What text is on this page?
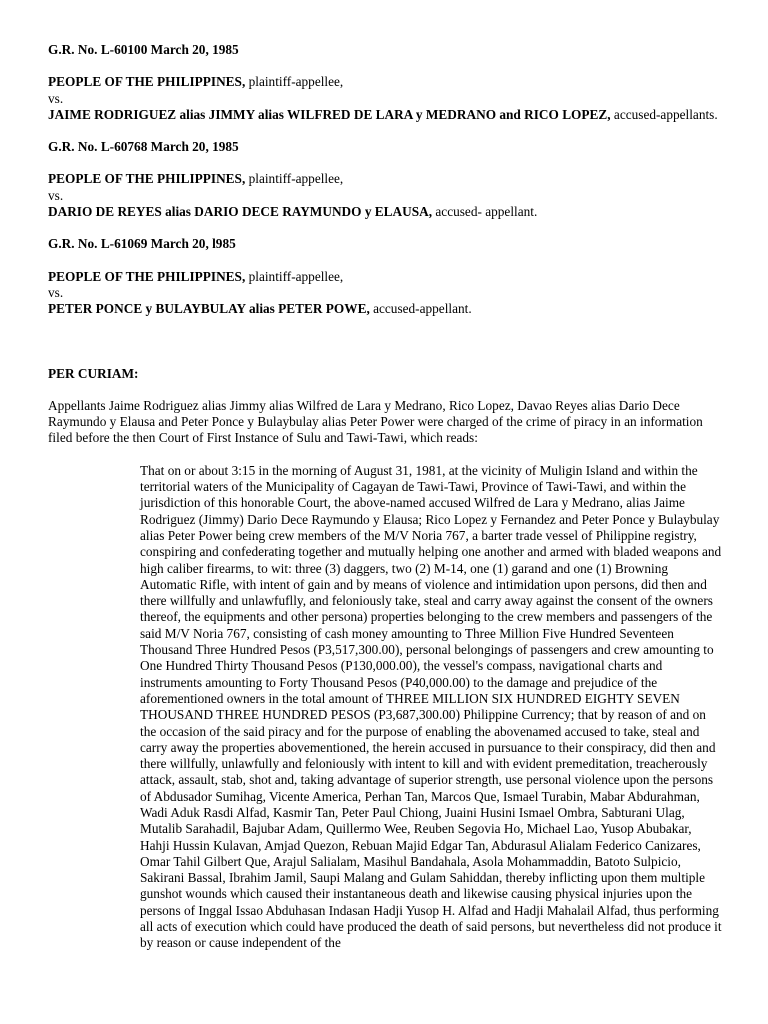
G.R. No. L-60100 March 20, 1985

PEOPLE OF THE PHILIPPINES, plaintiff-appellee,

vs.

JAIME RODRIGUEZ alias JIMMY alias WILFRED DE LARA y MEDRANO and RICO LOPEZ, accused-appellants.

G.R. No. L-60768 March 20, 1985

PEOPLE OF THE PHILIPPINES, plaintiff-appellee,

vs.

DARIO DE REYES alias DARIO DECE RAYMUNDO y ELAUSA, accused- appellant.

G.R. No. L-61069 March 20, l985

PEOPLE OF THE PHILIPPINES, plaintiff-appellee,

vs.

PETER PONCE y BULAYBULAY alias PETER POWE, accused-appellant.

PER CURIAM:

Appellants Jaime Rodriguez alias Jimmy alias Wilfred de Lara y Medrano, Rico Lopez, Davao Reyes alias Dario Dece Raymundo y Elausa and Peter Ponce y Bulaybulay alias Peter Power were charged of the crime of piracy in an information filed before the then Court of First Instance of Sulu and Tawi-Tawi, which reads:

That on or about 3:15 in the morning of August 31, 1981, at the vicinity of Muligin Island and within the territorial waters of the Municipality of Cagayan de Tawi-Tawi, Province of Tawi-Tawi, and within the jurisdiction of this honorable Court, the above-named accused Wilfred de Lara y Medrano, alias Jaime Rodriguez (Jimmy) Dario Dece Raymundo y Elausa; Rico Lopez y Fernandez and Peter Ponce y Bulaybulay alias Peter Power being crew members of the M/V Noria 767, a barter trade vessel of Philippine registry, conspiring and confederating together and mutually helping one another and armed with bladed weapons and high caliber firearms, to wit: three (3) daggers, two (2) M-14, one (1) garand and one (1) Browning Automatic Rifle, with intent of gain and by means of violence and intimidation upon persons, did then and there willfully and unlawfuflly, and feloniously take, steal and carry away against the consent of the owners thereof, the equipments and other persona) properties belonging to the crew members and passengers of the said M/V Noria 767, consisting of cash money amounting to Three Million Five Hundred Seventeen Thousand Three Hundred Pesos (P3,517,300.00), personal belongings of passengers and crew amounting to One Hundred Thirty Thousand Pesos (P130,000.00), the vessel's compass, navigational charts and instruments amounting to Forty Thousand Pesos (P40,000.00) to the damage and prejudice of the aforementioned owners in the total amount of THREE MILLION SIX HUNDRED EIGHTY SEVEN THOUSAND THREE HUNDRED PESOS (P3,687,300.00) Philippine Currency; that by reason of and on the occasion of the said piracy and for the purpose of enabling the abovenamed accused to take, steal and carry away the properties abovementioned, the herein accused in pursuance to their conspiracy, did then and there willfully, unlawfully and feloniously with intent to kill and with evident premeditation, treacherously attack, assault, stab, shot and, taking advantage of superior strength, use personal violence upon the persons of Abdusador Sumihag, Vicente America, Perhan Tan, Marcos Que, Ismael Turabin, Mabar Abdurahman, Wadi Aduk Rasdi Alfad, Kasmir Tan, Peter Paul Chiong, Juaini Husini Ismael Ombra, Sabturani Ulag, Mutalib Sarahadil, Bajubar Adam, Quillermo Wee, Reuben Segovia Ho, Michael Lao, Yusop Abubakar, Hahji Hussin Kulavan, Amjad Quezon, Rebuan Majid Edgar Tan, Abdurasul Alialam Federico Canizares, Omar Tahil Gilbert Que, Arajul Salialam, Masihul Bandahala, Asola Mohammaddin, Batoto Sulpicio, Sakirani Bassal, Ibrahim Jamil, Saupi Malang and Gulam Sahiddan, thereby inflicting upon them multiple gunshot wounds which caused their instantaneous death and likewise causing physical injuries upon the persons of Inggal Issao Abduhasan Indasan Hadji Yusop H. Alfad and Hadji Mahalail Alfad, thus performing all acts of execution which could have produced the death of said persons, but nevertheless did not produce it by reason or cause independent of the
